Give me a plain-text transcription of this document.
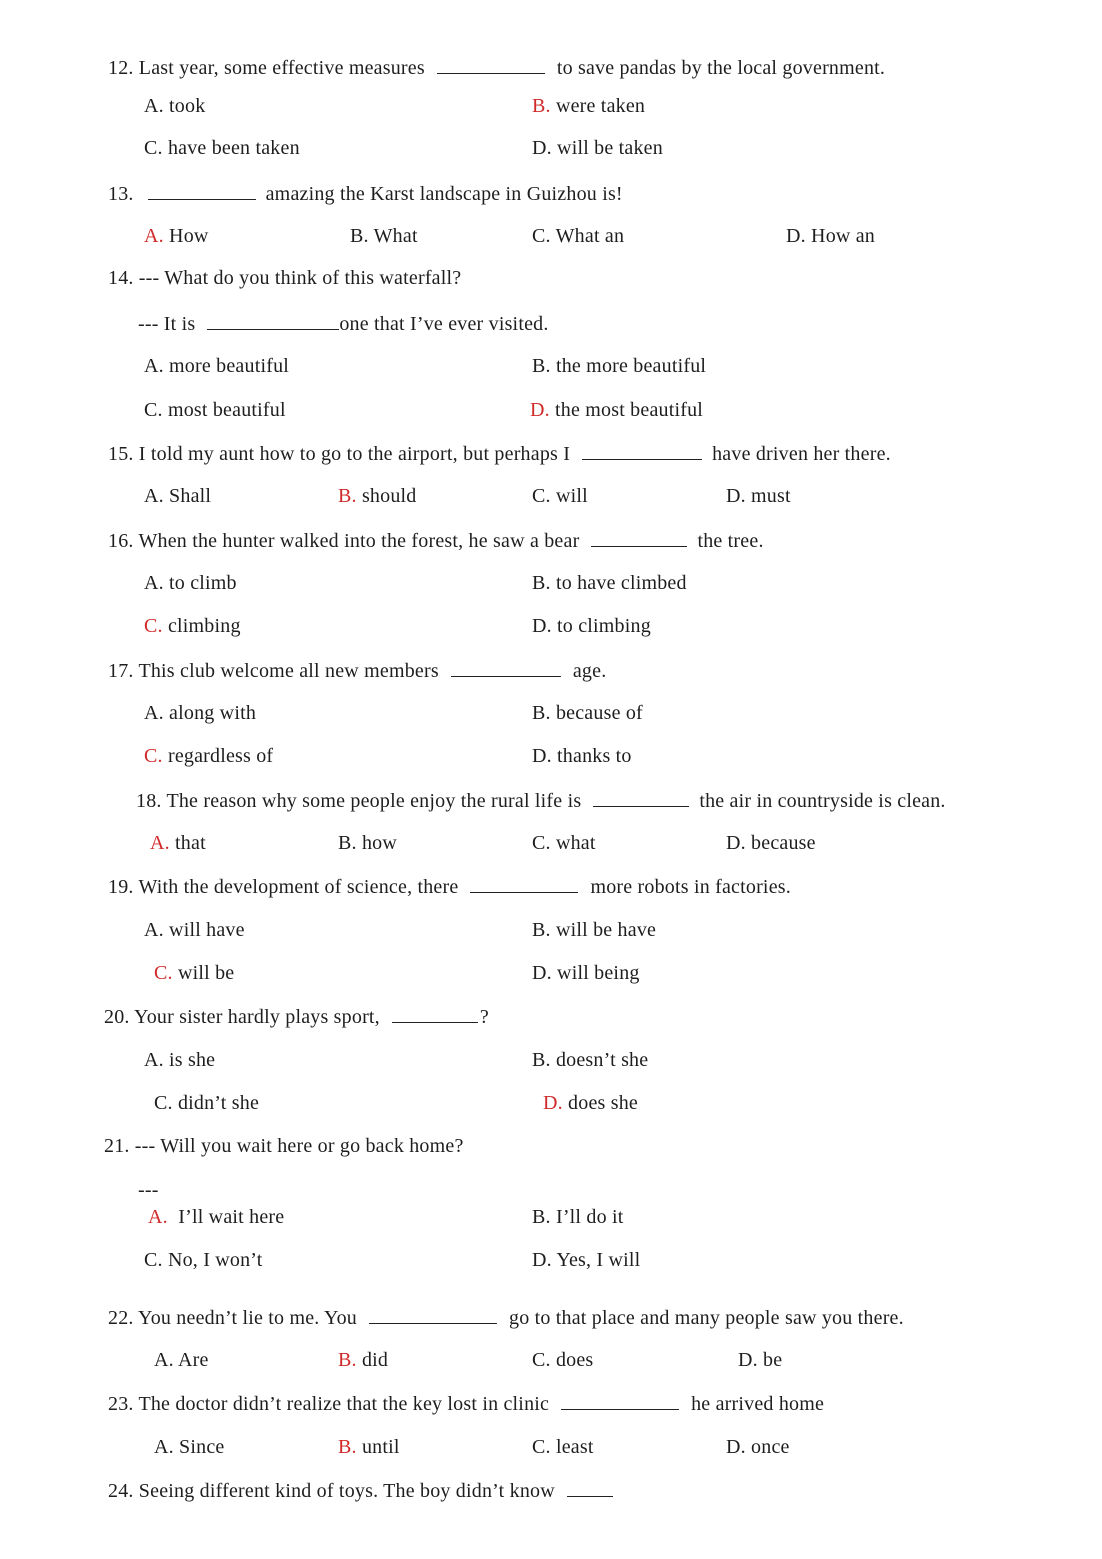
12. Last year, some effective measures	to save pandas by the local government.
A. took	B. were taken
C. have been taken	D. will be taken
13.	amazing the Karst landscape in Guizhou is!
A. How	B. What	C. What an	D. How an
14. --- What do you think of this waterfall?
--- It is	one that I’ve ever visited.
A. more beautiful	B. the more beautiful
C. most beautiful	D. the most beautiful
15. I told my aunt how to go to the airport, but perhaps I	have driven her there.
A. Shall	B. should	C. will	D. must
16. When the hunter walked into the forest, he saw a bear	the tree.
A. to climb	B. to have climbed
C. climbing	D. to climbing
17. This club welcome all new members	age.
A. along with	B. because of
C. regardless of	D. thanks to
18. The reason why some people enjoy the rural life is	the air in countryside is clean.
A. that	B. how	C. what	D. because
19. With the development of science, there	more robots in factories.
A. will have	B. will be have
C. will be	D. will being
20. Your sister hardly plays sport,	?
A. is she	B. doesn’t she
C. didn’t she	D. does she
21. --- Will you wait here or go back home?
---
A. I’ll wait here	B. I’ll do it
C. No, I won’t	D. Yes, I will
22. You needn’t lie to me. You	go to that place and many people saw you there.
A. Are	B. did	C. does	D. be
23. The doctor didn’t realize that the key lost in clinic	he arrived home
A. Since	B. until	C. least	D. once
24. Seeing different kind of toys. The boy didn’t know
